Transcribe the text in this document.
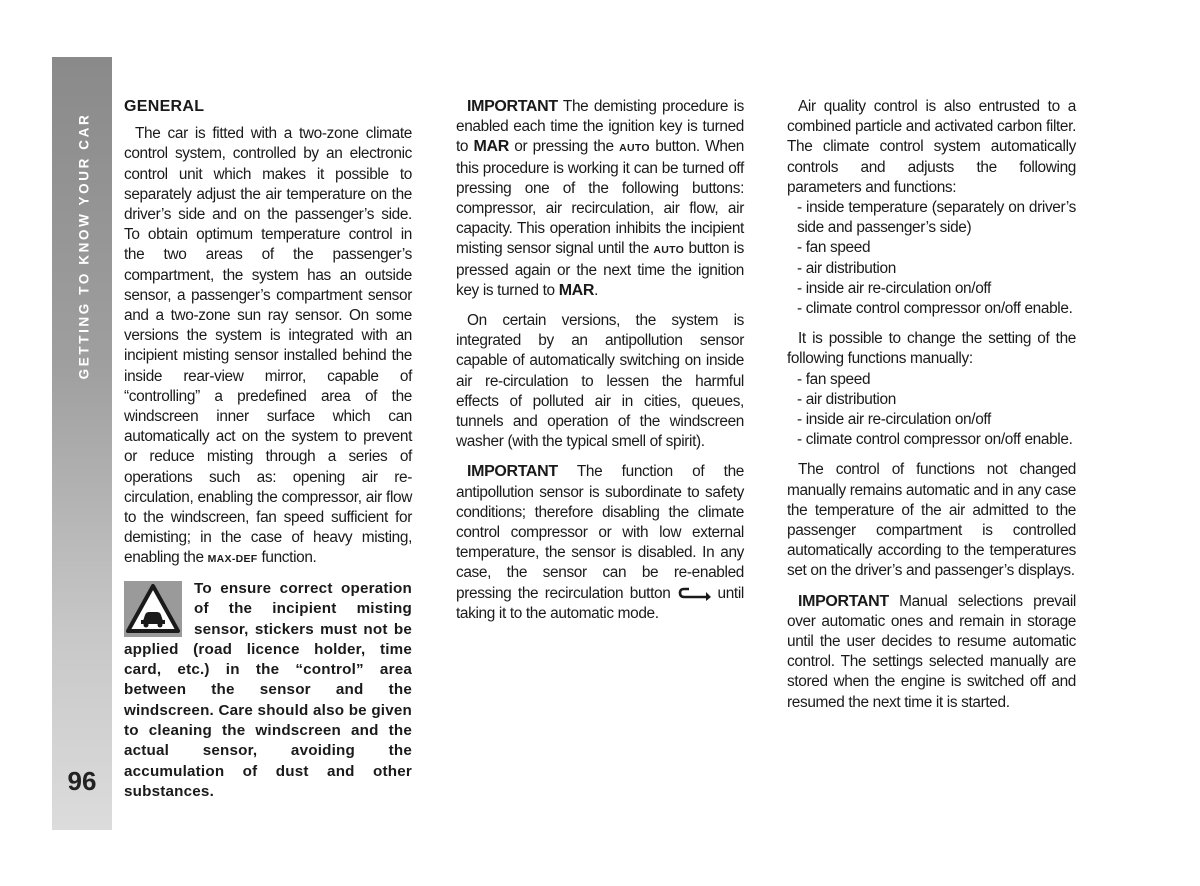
GETTING TO KNOW YOUR CAR
96
GENERAL

The car is fitted with a two-zone climate control system, controlled by an electronic control unit which makes it possible to separately adjust the air temperature on the driver’s side and on the passenger’s side. To obtain optimum temperature control in the two areas of the passenger’s compartment, the system has an outside sensor, a passenger’s compartment sensor and a two-zone sun ray sensor. On some versions the system is integrated with an incipient misting sensor installed behind the inside rear-view mirror, capable of “controlling” a predefined area of the windscreen inner surface which can automatically act on the system to prevent or reduce misting through a series of operations such as: opening air re-circulation, enabling the compressor, air flow to the windscreen, fan speed sufficient for demisting; in the case of heavy misting, enabling the MAX-DEF function.

To ensure correct operation of the incipient misting sensor, stickers must not be applied (road licence holder, time card, etc.) in the “control” area between the sensor and the windscreen. Care should also be given to cleaning the windscreen and the actual sensor, avoiding the accumulation of dust and other substances.

IMPORTANT The demisting procedure is enabled each time the ignition key is turned to MAR or pressing the AUTO button. When this procedure is working it can be turned off pressing one of the following buttons: compressor, air recirculation, air flow, air capacity. This operation inhibits the incipient misting sensor signal until the AUTO button is pressed again or the next time the ignition key is turned to MAR.

On certain versions, the system is integrated by an antipollution sensor capable of automatically switching on inside air re-circulation to lessen the harmful effects of polluted air in cities, queues, tunnels and operation of the windscreen washer (with the typical smell of spirit).

IMPORTANT The function of the antipollution sensor is subordinate to safety conditions; therefore disabling the climate control compressor or with low external temperature, the sensor is disabled. In any case, the sensor can be re-enabled pressing the recirculation button  until taking it to the automatic mode.

Air quality control is also entrusted to a combined particle and activated carbon filter. The climate control system automatically controls and adjusts the following parameters and functions:

- inside temperature (separately on driver’s side and passenger’s side)
- fan speed
- air distribution
- inside air re-circulation on/off
- climate control compressor on/off enable.

It is possible to change the setting of the following functions manually:

- fan speed
- air distribution
- inside air re-circulation on/off
- climate control compressor on/off enable.

The control of functions not changed manually remains automatic and in any case the temperature of the air admitted to the passenger compartment is controlled automatically according to the temperatures set on the driver’s and passenger’s displays.

IMPORTANT Manual selections prevail over automatic ones and remain in storage until the user decides to resume automatic control. The settings selected manually are stored when the engine is switched off and resumed the next time it is started.
